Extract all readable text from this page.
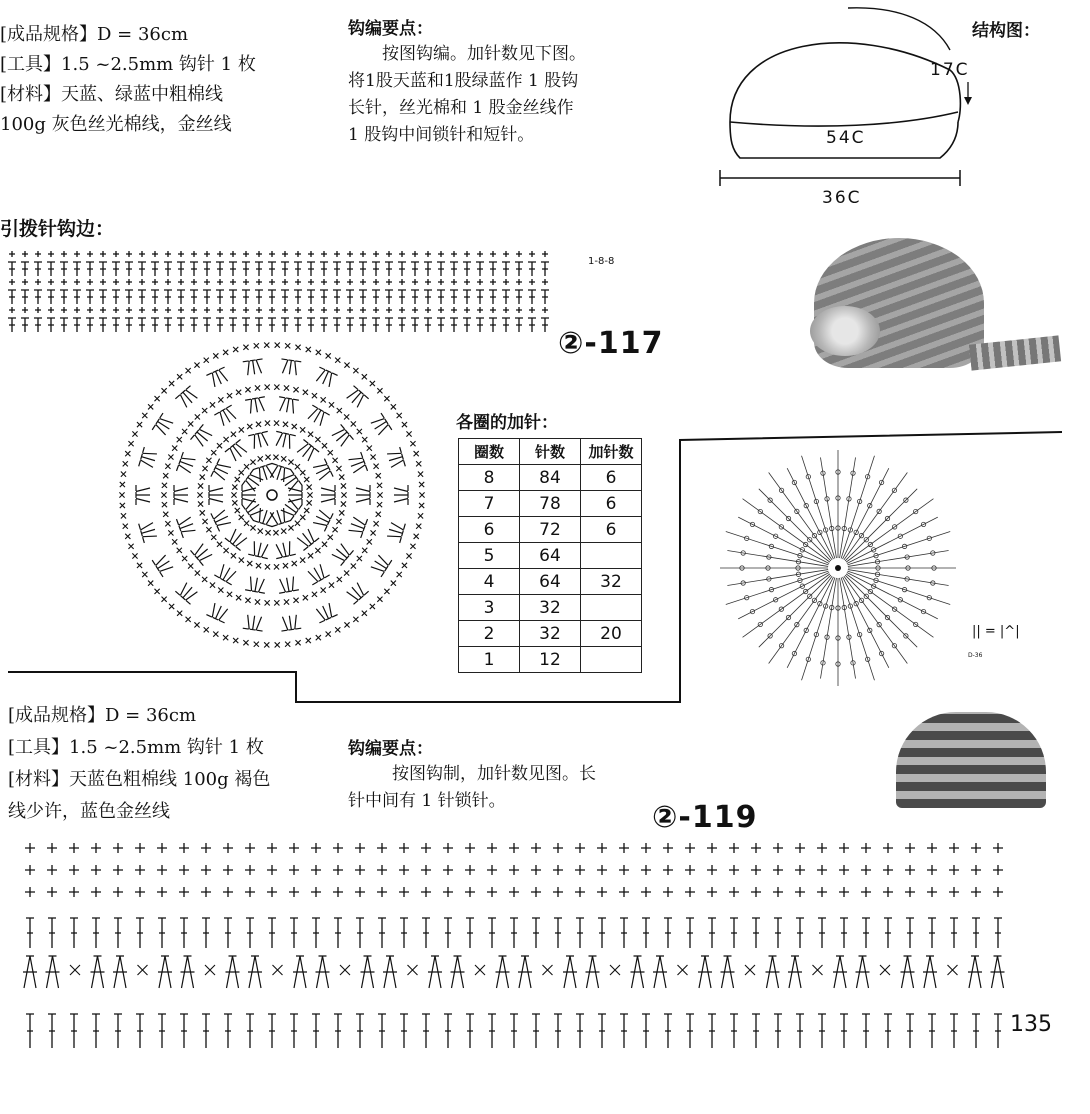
[成品规格】D = 36cm
[工具】1.5 ~2.5mm 钩针 1 枚
[材料】天蓝、绿蓝中粗棉线
100g 灰色丝光棉线，金丝线
钩编要点：
按图钩编。加针数见下图。
将1股天蓝和1股绿蓝作 1 股钩
长针，丝光棉和 1 股金丝线作
1 股钩中间锁针和短针。
结构图：
17C
54C
36C
引拨针钩边：
1-8-8
②-117
各圈的加针：
圈数	针数	加针数
8	84	6
7	78	6
6	72	6
5	64	
4	64	32
3	32	
2	32	20
1	12	
|| = |^|
D-36
[成品规格】D = 36cm
[工具】1.5 ~2.5mm 钩针 1 枚
[材料】天蓝色粗棉线 100g 褐色
线少许，蓝色金丝线
钩编要点：
按图钩制，加针数见图。长
针中间有 1 针锁针。	②-119
135
